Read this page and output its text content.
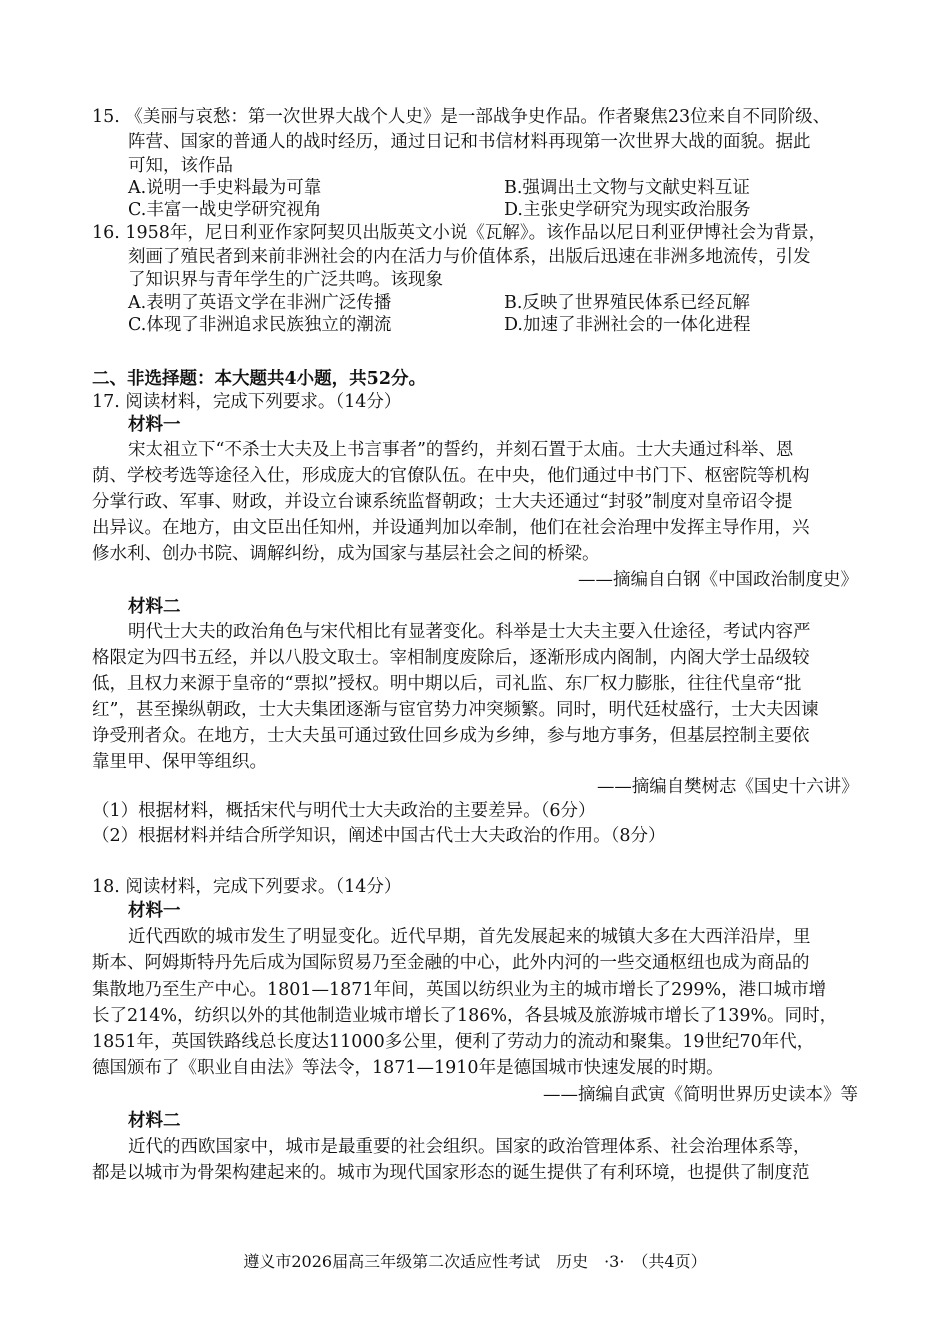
15. 《美丽与哀愁：第一次世界大战个人史》是一部战争史作品。作者聚焦23位来自不同阶级、
阵营、国家的普通人的战时经历，通过日记和书信材料再现第一次世界大战的面貌。据此
可知，该作品
A.说明一手史料最为可靠	B.强调出土文物与文献史料互证
C.丰富一战史学研究视角	D.主张史学研究为现实政治服务
16. 1958年，尼日利亚作家阿契贝出版英文小说《瓦解》。该作品以尼日利亚伊博社会为背景，
刻画了殖民者到来前非洲社会的内在活力与价值体系，出版后迅速在非洲多地流传，引发
了知识界与青年学生的广泛共鸣。该现象
A.表明了英语文学在非洲广泛传播	B.反映了世界殖民体系已经瓦解
C.体现了非洲追求民族独立的潮流	D.加速了非洲社会的一体化进程
二、非选择题：本大题共4小题，共52分。
17. 阅读材料，完成下列要求。（14分）
材料一
宋太祖立下“不杀士大夫及上书言事者”的誓约，并刻石置于太庙。士大夫通过科举、恩
荫、学校考选等途径入仕，形成庞大的官僚队伍。在中央，他们通过中书门下、枢密院等机构
分掌行政、军事、财政，并设立台谏系统监督朝政；士大夫还通过“封驳”制度对皇帝诏令提
出异议。在地方，由文臣出任知州，并设通判加以牵制，他们在社会治理中发挥主导作用，兴
修水利、创办书院、调解纠纷，成为国家与基层社会之间的桥梁。
——摘编自白钢《中国政治制度史》
材料二
明代士大夫的政治角色与宋代相比有显著变化。科举是士大夫主要入仕途径，考试内容严
格限定为四书五经，并以八股文取士。宰相制度废除后，逐渐形成内阁制，内阁大学士品级较
低，且权力来源于皇帝的“票拟”授权。明中期以后，司礼监、东厂权力膨胀，往往代皇帝“批
红”，甚至操纵朝政，士大夫集团逐渐与宦官势力冲突频繁。同时，明代廷杖盛行，士大夫因谏
诤受刑者众。在地方，士大夫虽可通过致仕回乡成为乡绅，参与地方事务，但基层控制主要依
靠里甲、保甲等组织。
——摘编自樊树志《国史十六讲》
（1）根据材料，概括宋代与明代士大夫政治的主要差异。（6分）
（2）根据材料并结合所学知识，阐述中国古代士大夫政治的作用。（8分）
18. 阅读材料，完成下列要求。（14分）
材料一
近代西欧的城市发生了明显变化。近代早期，首先发展起来的城镇大多在大西洋沿岸，里
斯本、阿姆斯特丹先后成为国际贸易乃至金融的中心，此外内河的一些交通枢纽也成为商品的
集散地乃至生产中心。1801—1871年间，英国以纺织业为主的城市增长了299%，港口城市增
长了214%，纺织以外的其他制造业城市增长了186%，各县城及旅游城市增长了139%。同时，
1851年，英国铁路线总长度达11000多公里，便利了劳动力的流动和聚集。19世纪70年代，
德国颁布了《职业自由法》等法令，1871—1910年是德国城市快速发展的时期。
——摘编自武寅《简明世界历史读本》等
材料二
近代的西欧国家中，城市是最重要的社会组织。国家的政治管理体系、社会治理体系等，
都是以城市为骨架构建起来的。城市为现代国家形态的诞生提供了有利环境，也提供了制度范
遵义市2026届高三年级第二次适应性考试　历史　·3·　（共4页）
